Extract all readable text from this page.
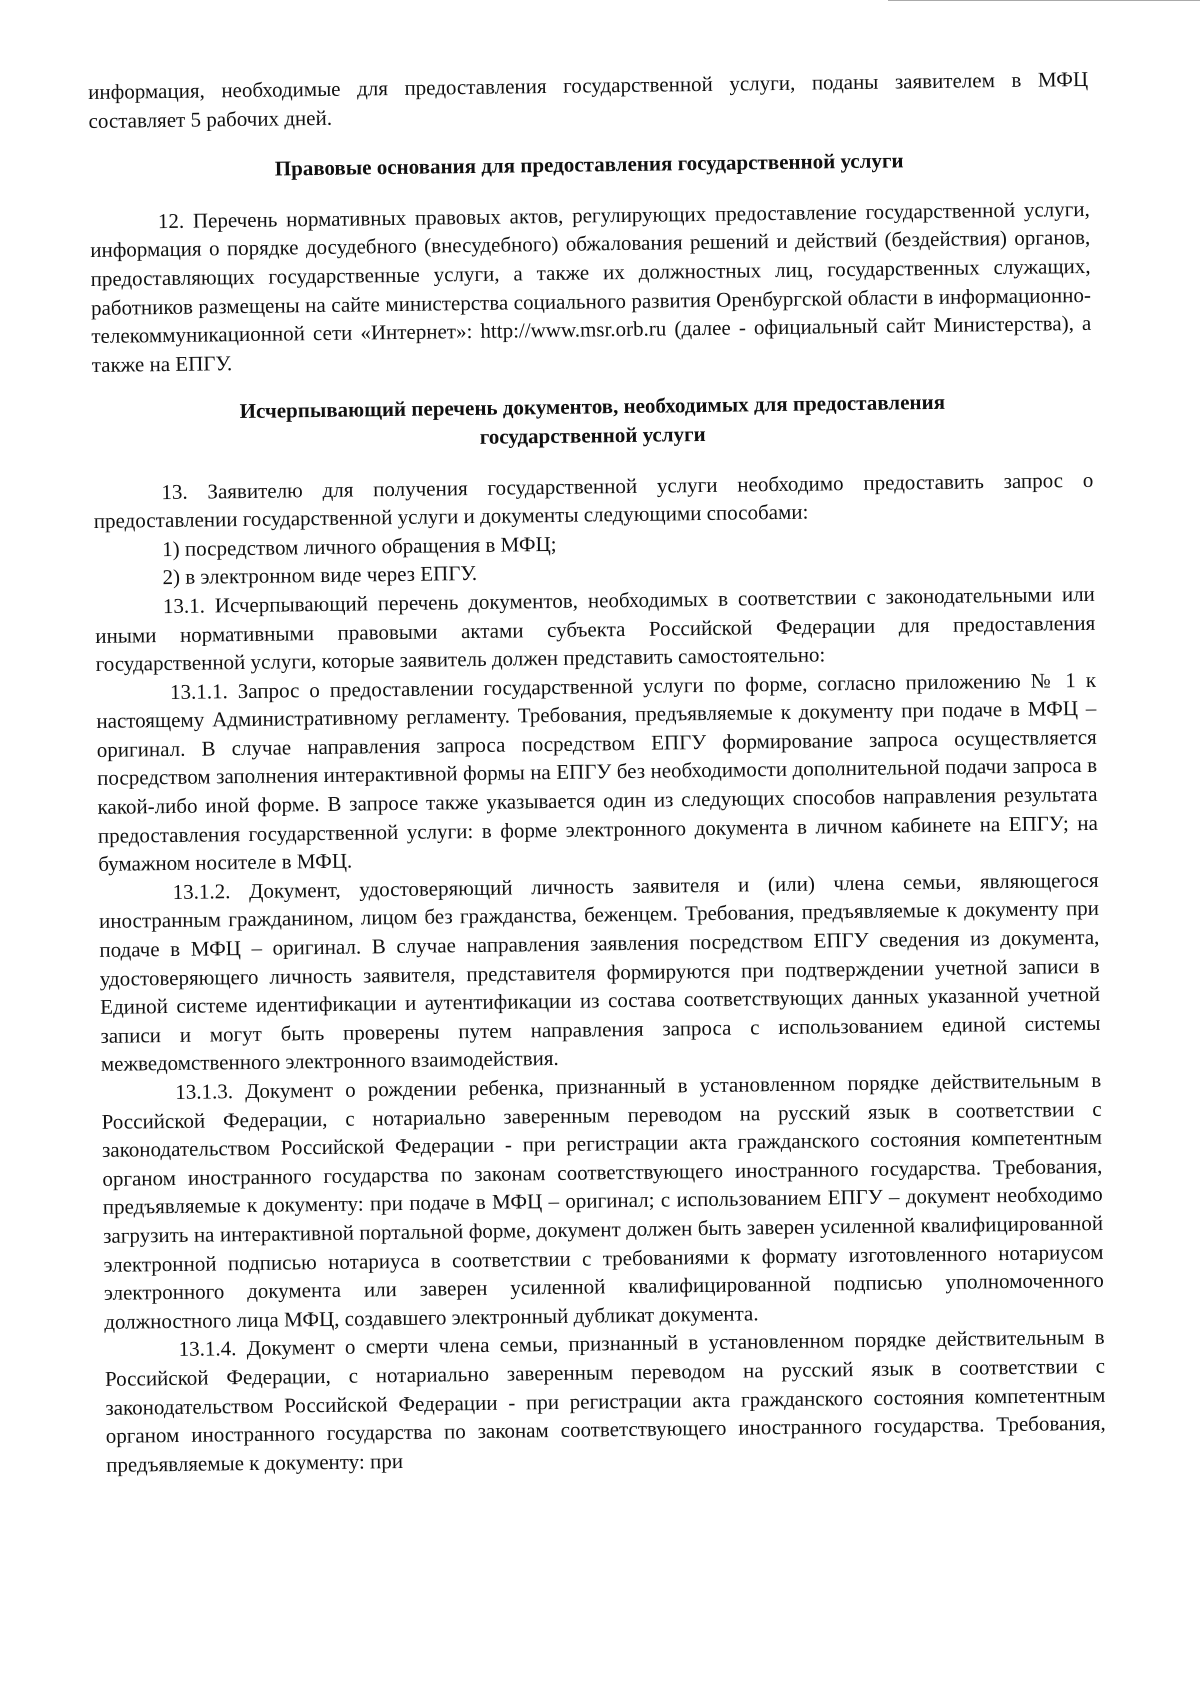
информация, необходимые для предоставления государственной услуги, поданы заявителем в МФЦ составляет 5 рабочих дней.

Правовые основания для предоставления государственной услуги

12. Перечень нормативных правовых актов, регулирующих предоставление государственной услуги, информация о порядке досудебного (внесудебного) обжалования решений и действий (бездействия) органов, предоставляющих государственные услуги, а также их должностных лиц, государственных служащих, работников размещены на сайте министерства социального развития Оренбургской области в информационно-телекоммуникационной сети «Интернет»: http://www.msr.orb.ru (далее - официальный сайт Министерства), а также на ЕПГУ.

Исчерпывающий перечень документов, необходимых для предоставления

государственной услуги

13. Заявителю для получения государственной услуги необходимо предоставить запрос о предоставлении государственной услуги и документы следующими способами:

1) посредством личного обращения в МФЦ;

2) в электронном виде через ЕПГУ.

13.1. Исчерпывающий перечень документов, необходимых в соответствии с законодательными или иными нормативными правовыми актами субъекта Российской Федерации для предоставления государственной услуги, которые заявитель должен представить самостоятельно:

13.1.1. Запрос о предоставлении государственной услуги по форме, согласно приложению № 1 к настоящему Административному регламенту. Требования, предъявляемые к документу при подаче в МФЦ – оригинал. В случае направления запроса посредством ЕПГУ формирование запроса осуществляется посредством заполнения интерактивной формы на ЕПГУ без необходимости дополнительной подачи запроса в какой-либо иной форме. В запросе также указывается один из следующих способов направления результата предоставления государственной услуги: в форме электронного документа в личном кабинете на ЕПГУ; на бумажном носителе в МФЦ.

13.1.2. Документ, удостоверяющий личность заявителя и (или) члена семьи, являющегося иностранным гражданином, лицом без гражданства, беженцем. Требования, предъявляемые к документу при подаче в МФЦ – оригинал. В случае направления заявления посредством ЕПГУ сведения из документа, удостоверяющего личность заявителя, представителя формируются при подтверждении учетной записи в Единой системе идентификации и аутентификации из состава соответствующих данных указанной учетной записи и могут быть проверены путем направления запроса с использованием единой системы межведомственного электронного взаимодействия.

13.1.3. Документ о рождении ребенка, признанный в установленном порядке действительным в Российской Федерации, с нотариально заверенным переводом на русский язык в соответствии с законодательством Российской Федерации - при регистрации акта гражданского состояния компетентным органом иностранного государства по законам соответствующего иностранного государства. Требования, предъявляемые к документу: при подаче в МФЦ – оригинал; с использованием ЕПГУ – документ необходимо загрузить на интерактивной портальной форме, документ должен быть заверен усиленной квалифицированной электронной подписью нотариуса в соответствии с требованиями к формату изготовленного нотариусом электронного документа или заверен усиленной квалифицированной подписью уполномоченного должностного лица МФЦ, создавшего электронный дубликат документа.

13.1.4. Документ о смерти члена семьи, признанный в установленном порядке действительным в Российской Федерации, с нотариально заверенным переводом на русский язык в соответствии с законодательством Российской Федерации - при регистрации акта гражданского состояния компетентным органом иностранного государства по законам соответствующего иностранного государства. Требования, предъявляемые к документу: при
